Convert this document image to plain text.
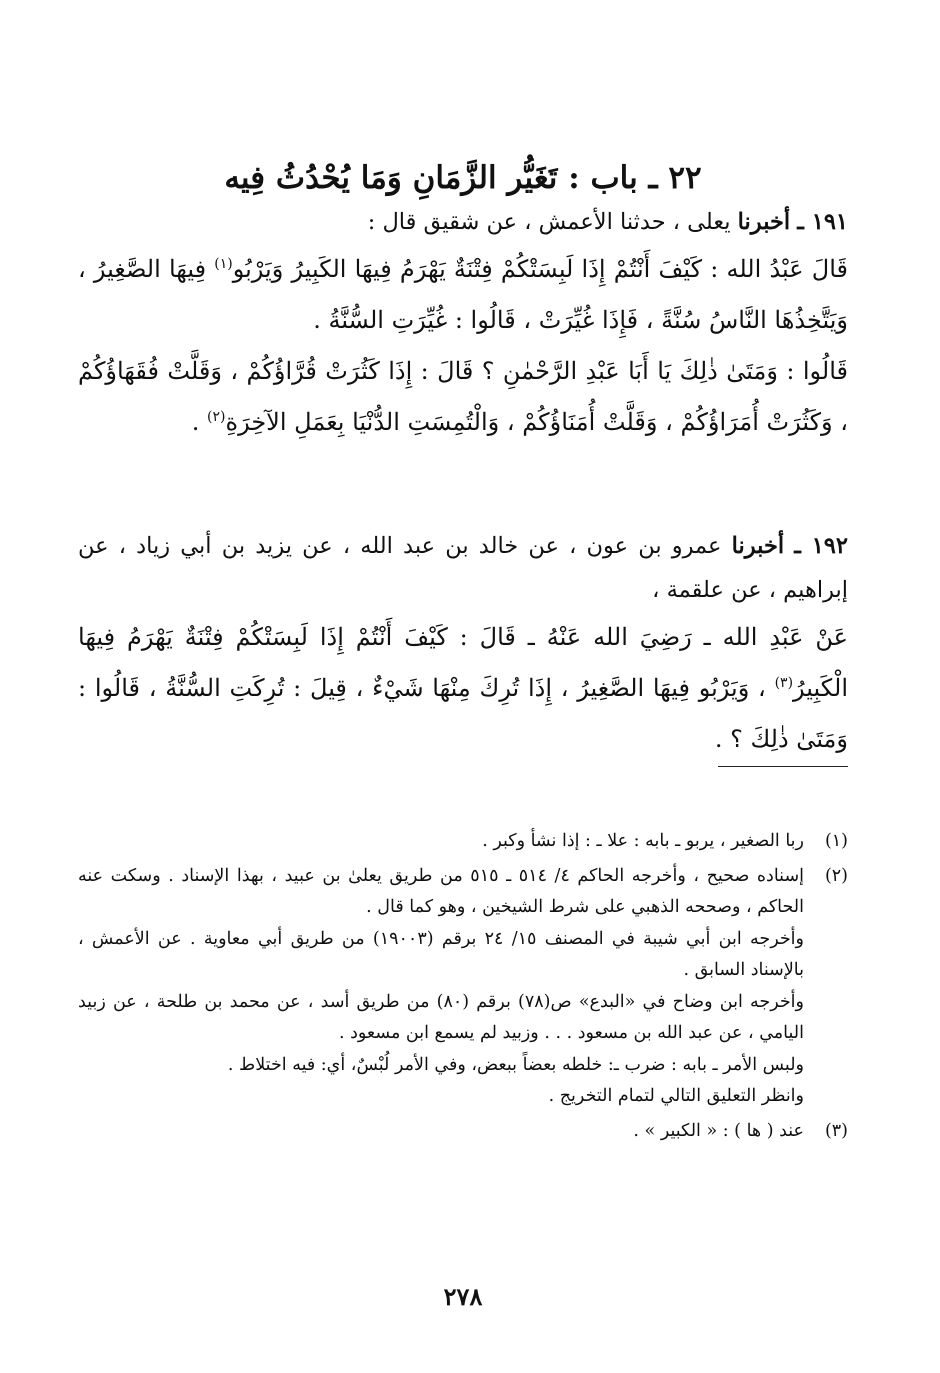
٢٢ ـ باب : تَغَيُّر الزَّمَانِ وَمَا يُحْدُثُ فِيه
١٩١ ـ أخبرنا يعلى ، حدثنا الأعمش ، عن شقيق قال :

قَالَ عَبْدُ الله : كَيْفَ أَنْتُمْ إِذَا لَبِسَتْكُمْ فِتْنَةٌ يَهْرَمُ فِيهَا الكَبِيرُ وَيَرْبُو$^{(١)}$ فِيهَا الصَّغِيرُ ، وَيَتَّخِذُهَا النَّاسُ سُنَّةً ، فَإِذَا غُيِّرَتْ ، قَالُوا : غُيِّرَتِ السُّنَّةُ .

قَالُوا : وَمَتَىٰ ذٰلِكَ يَا أَبَا عَبْدِ الرَّحْمٰنِ ؟ قَالَ : إِذَا كَثُرَتْ قُرَّاؤُكُمْ ، وَقَلَّتْ فُقَهَاؤُكُمْ ، وَكَثُرَتْ أُمَرَاؤُكُمْ ، وَقَلَّتْ أُمَنَاؤُكُمْ ، وَالْتُمِسَتِ الدُّنْيَا بِعَمَلِ الآخِرَةِ$^{(٢)}$ .

١٩٢ ـ أخبرنا عمرو بن عون ، عن خالد بن عبد الله ، عن يزيد بن أبي زياد ، عن إبراهيم ، عن علقمة ،

عَنْ عَبْدِ الله ـ رَضِيَ الله عَنْهُ ـ قَالَ : كَيْفَ أَنْتُمْ إِذَا لَبِسَتْكُمْ فِتْنَةٌ يَهْرَمُ فِيهَا الْكَبِيرُ$^{(٣)}$ ، وَيَرْبُو فِيهَا الصَّغِيرُ ، إِذَا تُرِكَ مِنْهَا شَيْءٌ ، قِيلَ : تُرِكَتِ السُّنَّةُ ، قَالُوا : وَمَتَىٰ ذٰلِكَ ؟ .

(١)

ربا الصغير ، يربو ـ بابه : علا ـ : إذا نشأ وكبر .

(٢)

إسناده صحيح ، وأخرجه الحاكم ٤/ ٥١٤ ـ ٥١٥ من طريق يعلىٰ بن عبيد ، بهذا الإسناد . وسكت عنه الحاكم ، وصححه الذهبي على شرط الشيخين ، وهو كما قال .

وأخرجه ابن أبي شيبة في المصنف ١٥/ ٢٤ برقم (١٩٠٠٣) من طريق أبي معاوية . عن الأعمش ، بالإسناد السابق .

وأخرجه ابن وضاح في «البدع» ص(٧٨) برقم (٨٠) من طريق أسد ، عن محمد بن طلحة ، عن زبيد اليامي ، عن عبد الله بن مسعود . . . وزبيد لم يسمع ابن مسعود .

ولبس الأمر ـ بابه : ضرب ـ: خلطه بعضاً ببعض، وفي الأمر لُبْسٌ، أي: فيه اختلاط .

وانظر التعليق التالي لتمام التخريج .

(٣)

عند ( ها ) : « الكبير » .

٢٧٨
